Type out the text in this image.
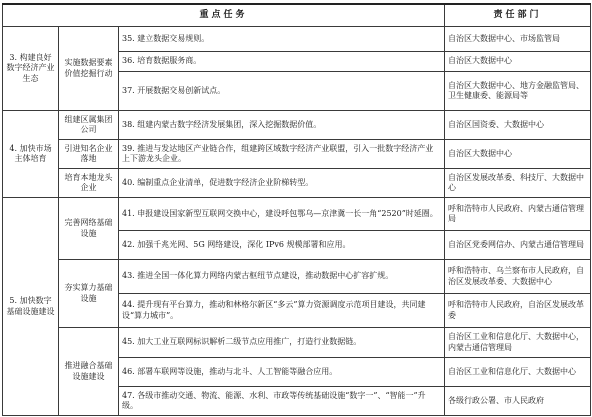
重点任务			责任部门
3. 构建良好数字经济产业生态	实施数据要素价值挖掘行动	35. 建立数据交易规则。	自治区大数据中心、市场监管局
		36. 培育数据服务商。	自治区大数据中心
		37. 开展数据交易创新试点。	自治区大数据中心、地方金融监管局、卫生健康委、能源局等
4. 加快市场主体培育	组建区属集团公司	38. 组建内蒙古数字经济发展集团，深入挖掘数据价值。	自治区国资委、大数据中心
	引进知名企业落地	39. 推进与发达地区产业链合作，组建跨区域数字经济产业联盟，引入一批数字经济产业上下游龙头企业。	自治区大数据中心
	培育本地龙头企业	40. 编制重点企业清单，促进数字经济企业阶梯转型。	自治区发展改革委、科技厅、大数据中心
5. 加快数字基础设施建设	完善网络基础设施	41. 申报建设国家新型互联网交换中心，建设呼包鄂乌—京津冀一长一角“2520”时延圈。	呼和浩特市人民政府、内蒙古通信管理局
		42. 加强千兆光网、5G 网络建设，深化 IPv6 规模部署和应用。	自治区党委网信办、内蒙古通信管理局
	夯实算力基础设施	43. 推进全国一体化算力网络内蒙古枢纽节点建设，推动数据中心扩容扩规。	呼和浩特市、乌兰察布市人民政府，自治区发展改革委、大数据中心
		44. 提升现有平台算力，推动和林格尔新区“多云”算力资源调度示范项目建设，共同建设“算力城市”。	呼和浩特市人民政府，自治区发展改革委
	推进融合基础设施建设	45. 加大工业互联网标识解析二级节点应用推广，打造行业数据链。	自治区工业和信息化厅、大数据中心，内蒙古通信管理局
		46. 部署车联网等设施，推动与北斗、人工智能等融合应用。	自治区工业和信息化厅、大数据中心
		47. 各级市推动交通、物流、能源、水利、市政等传统基础设施“数字一”、“智能一”升级。	各级行政公署、市人民政府
